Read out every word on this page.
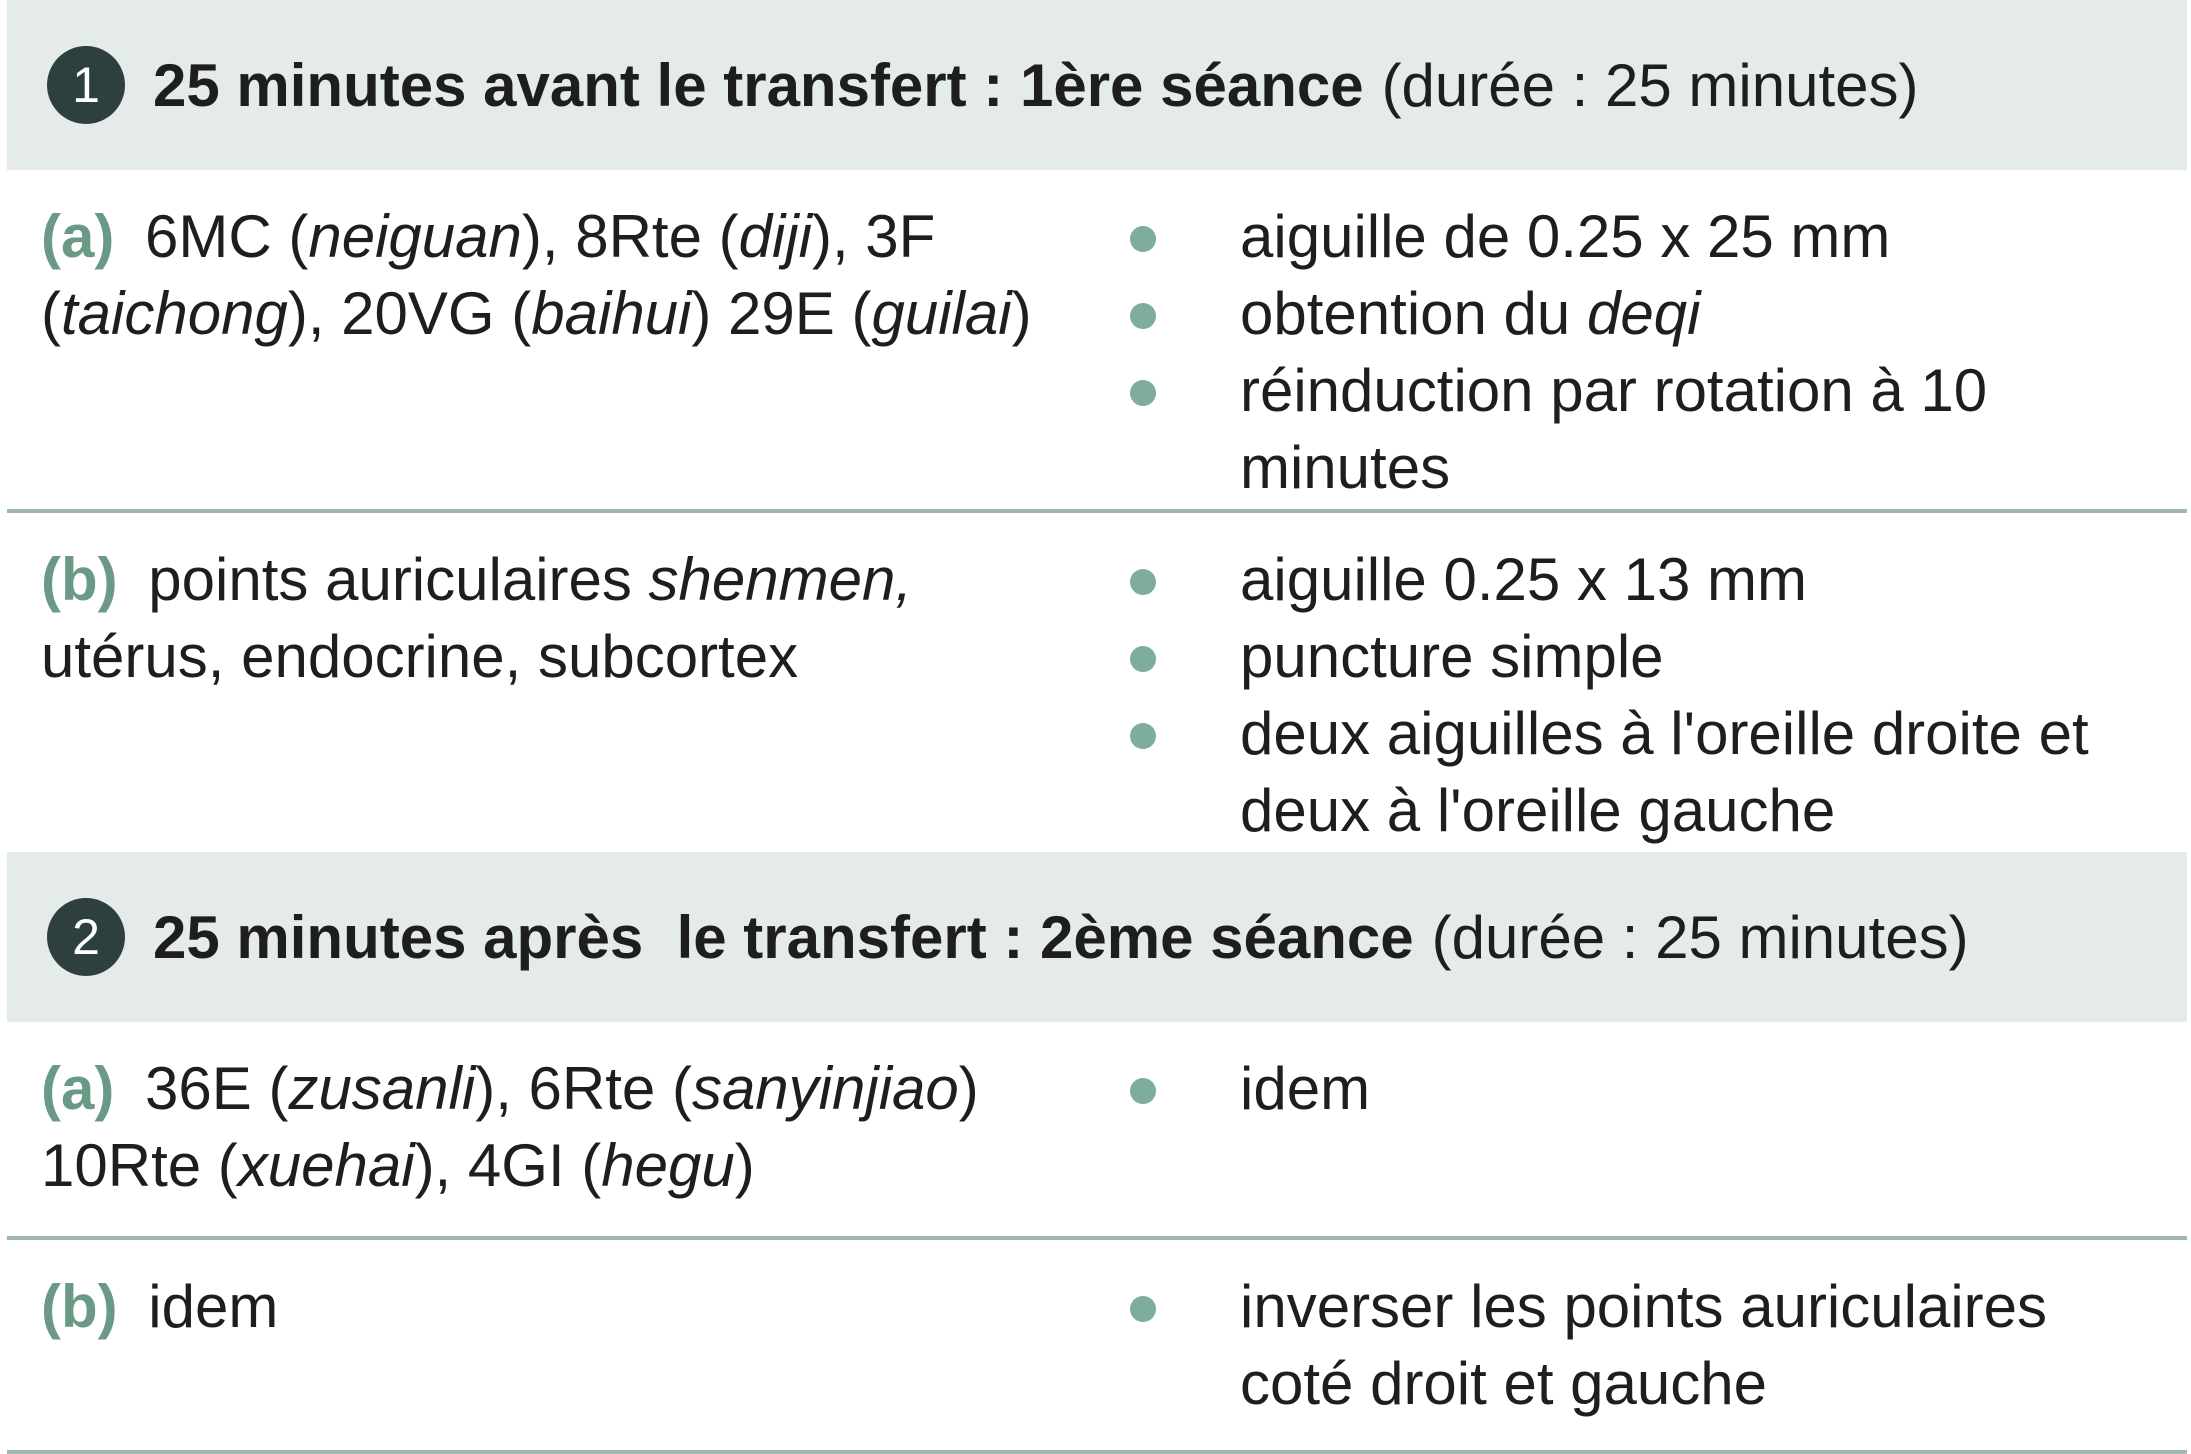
1 25 minutes avant le transfert : 1ère séance (durée : 25 minutes)
(a) 6MC (neiguan), 8Rte (diji), 3F (taichong), 20VG (baihui) 29E (guilai)
aiguille de 0.25 x 25 mm
obtention du deqi
réinduction par rotation à 10 minutes
(b) points auriculaires shenmen, utérus, endocrine, subcortex
aiguille 0.25 x 13 mm
puncture simple
deux aiguilles à l'oreille droite et deux à l'oreille gauche
2 25 minutes après  le transfert : 2ème séance (durée : 25 minutes)
(a) 36E (zusanli), 6Rte (sanyinjiao) 10Rte (xuehai), 4GI (hegu)
idem
(b) idem	inverser les points auriculaires coté droit et gauche
